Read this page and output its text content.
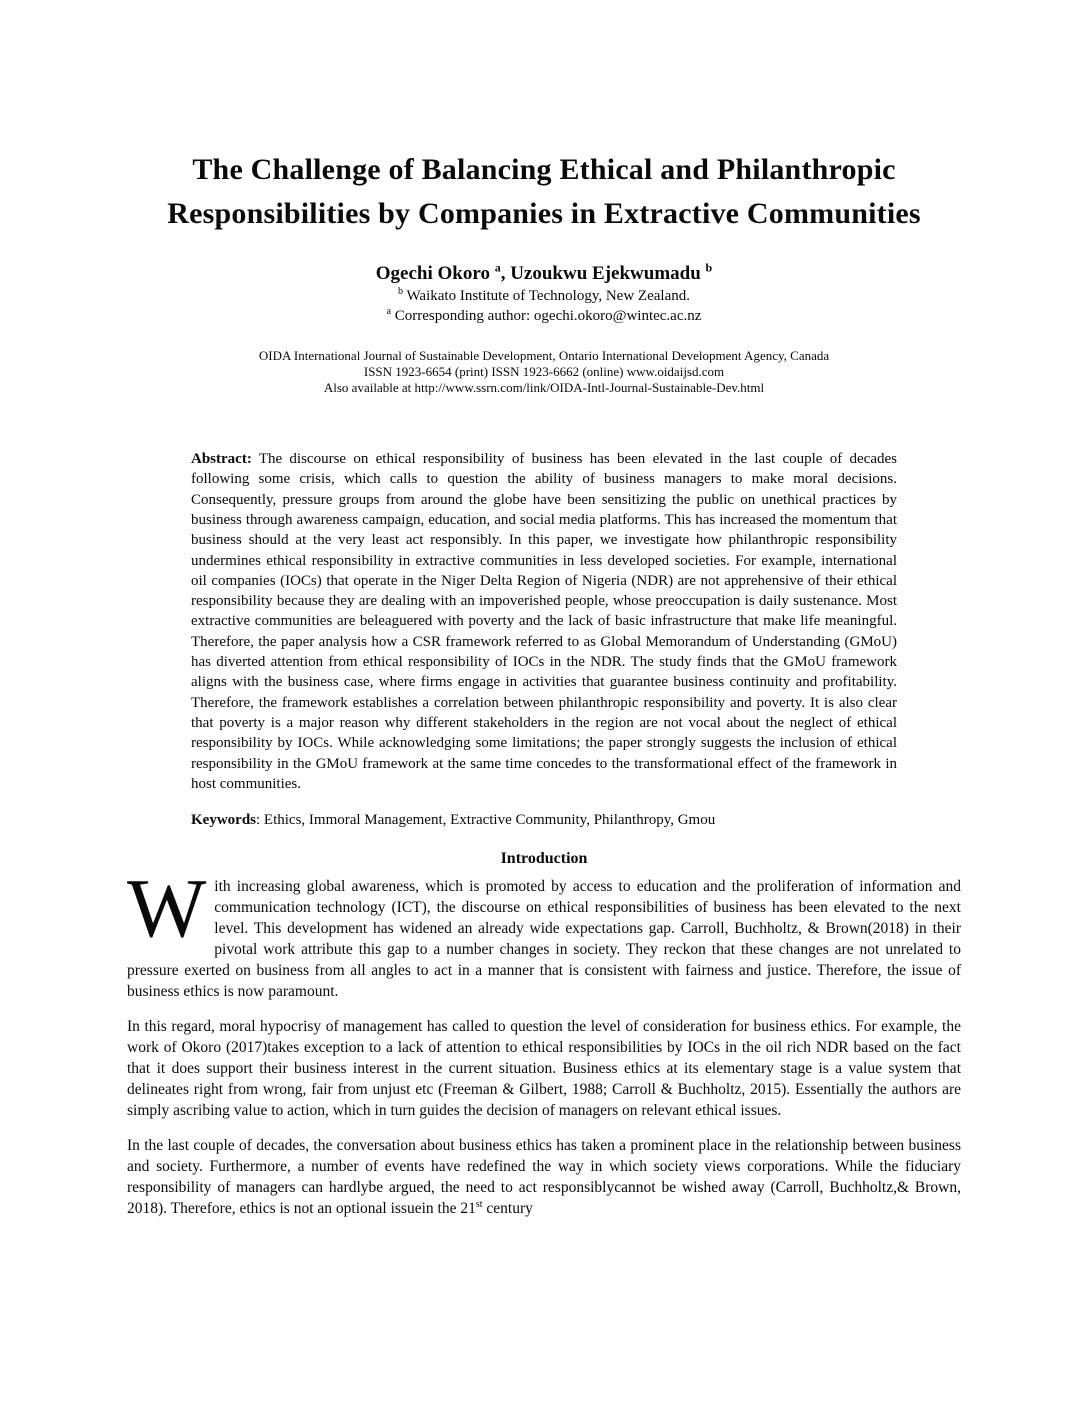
The Challenge of Balancing Ethical and Philanthropic
Responsibilities by Companies in Extractive Communities
Ogechi Okoro $^a$, Uzoukwu Ejekwumadu $^b$
$^b$ Waikato Institute of Technology, New Zealand.
$^a$ Corresponding author: ogechi.okoro@wintec.ac.nz
OIDA International Journal of Sustainable Development, Ontario International Development Agency, Canada
ISSN 1923-6654 (print) ISSN 1923-6662 (online) www.oidaijsd.com
Also available at http://www.ssrn.com/link/OIDA-Intl-Journal-Sustainable-Dev.html
Abstract: The discourse on ethical responsibility of business has been elevated in the last couple of decades following some crisis, which calls to question the ability of business managers to make moral decisions. Consequently, pressure groups from around the globe have been sensitizing the public on unethical practices by business through awareness campaign, education, and social media platforms. This has increased the momentum that business should at the very least act responsibly. In this paper, we investigate how philanthropic responsibility undermines ethical responsibility in extractive communities in less developed societies. For example, international oil companies (IOCs) that operate in the Niger Delta Region of Nigeria (NDR) are not apprehensive of their ethical responsibility because they are dealing with an impoverished people, whose preoccupation is daily sustenance. Most extractive communities are beleaguered with poverty and the lack of basic infrastructure that make life meaningful. Therefore, the paper analysis how a CSR framework referred to as Global Memorandum of Understanding (GMoU) has diverted attention from ethical responsibility of IOCs in the NDR. The study finds that the GMoU framework aligns with the business case, where firms engage in activities that guarantee business continuity and profitability. Therefore, the framework establishes a correlation between philanthropic responsibility and poverty. It is also clear that poverty is a major reason why different stakeholders in the region are not vocal about the neglect of ethical responsibility by IOCs. While acknowledging some limitations; the paper strongly suggests the inclusion of ethical responsibility in the GMoU framework at the same time concedes to the transformational effect of the framework in host communities.
Keywords: Ethics, Immoral Management, Extractive Community, Philanthropy, Gmou
Introduction

With increasing global awareness, which is promoted by access to education and the proliferation of information and communication technology (ICT), the discourse on ethical responsibilities of business has been elevated to the next level. This development has widened an already wide expectations gap. Carroll, Buchholtz, & Brown(2018) in their pivotal work attribute this gap to a number changes in society. They reckon that these changes are not unrelated to pressure exerted on business from all angles to act in a manner that is consistent with fairness and justice. Therefore, the issue of business ethics is now paramount.

In this regard, moral hypocrisy of management has called to question the level of consideration for business ethics. For example, the work of Okoro (2017)takes exception to a lack of attention to ethical responsibilities by IOCs in the oil rich NDR based on the fact that it does support their business interest in the current situation. Business ethics at its elementary stage is a value system that delineates right from wrong, fair from unjust etc (Freeman & Gilbert, 1988; Carroll & Buchholtz, 2015). Essentially the authors are simply ascribing value to action, which in turn guides the decision of managers on relevant ethical issues.

In the last couple of decades, the conversation about business ethics has taken a prominent place in the relationship between business and society. Furthermore, a number of events have redefined the way in which society views corporations. While the fiduciary responsibility of managers can hardlybe argued, the need to act responsiblycannot be wished away (Carroll, Buchholtz,& Brown, 2018). Therefore, ethics is not an optional issuein the 21st century
